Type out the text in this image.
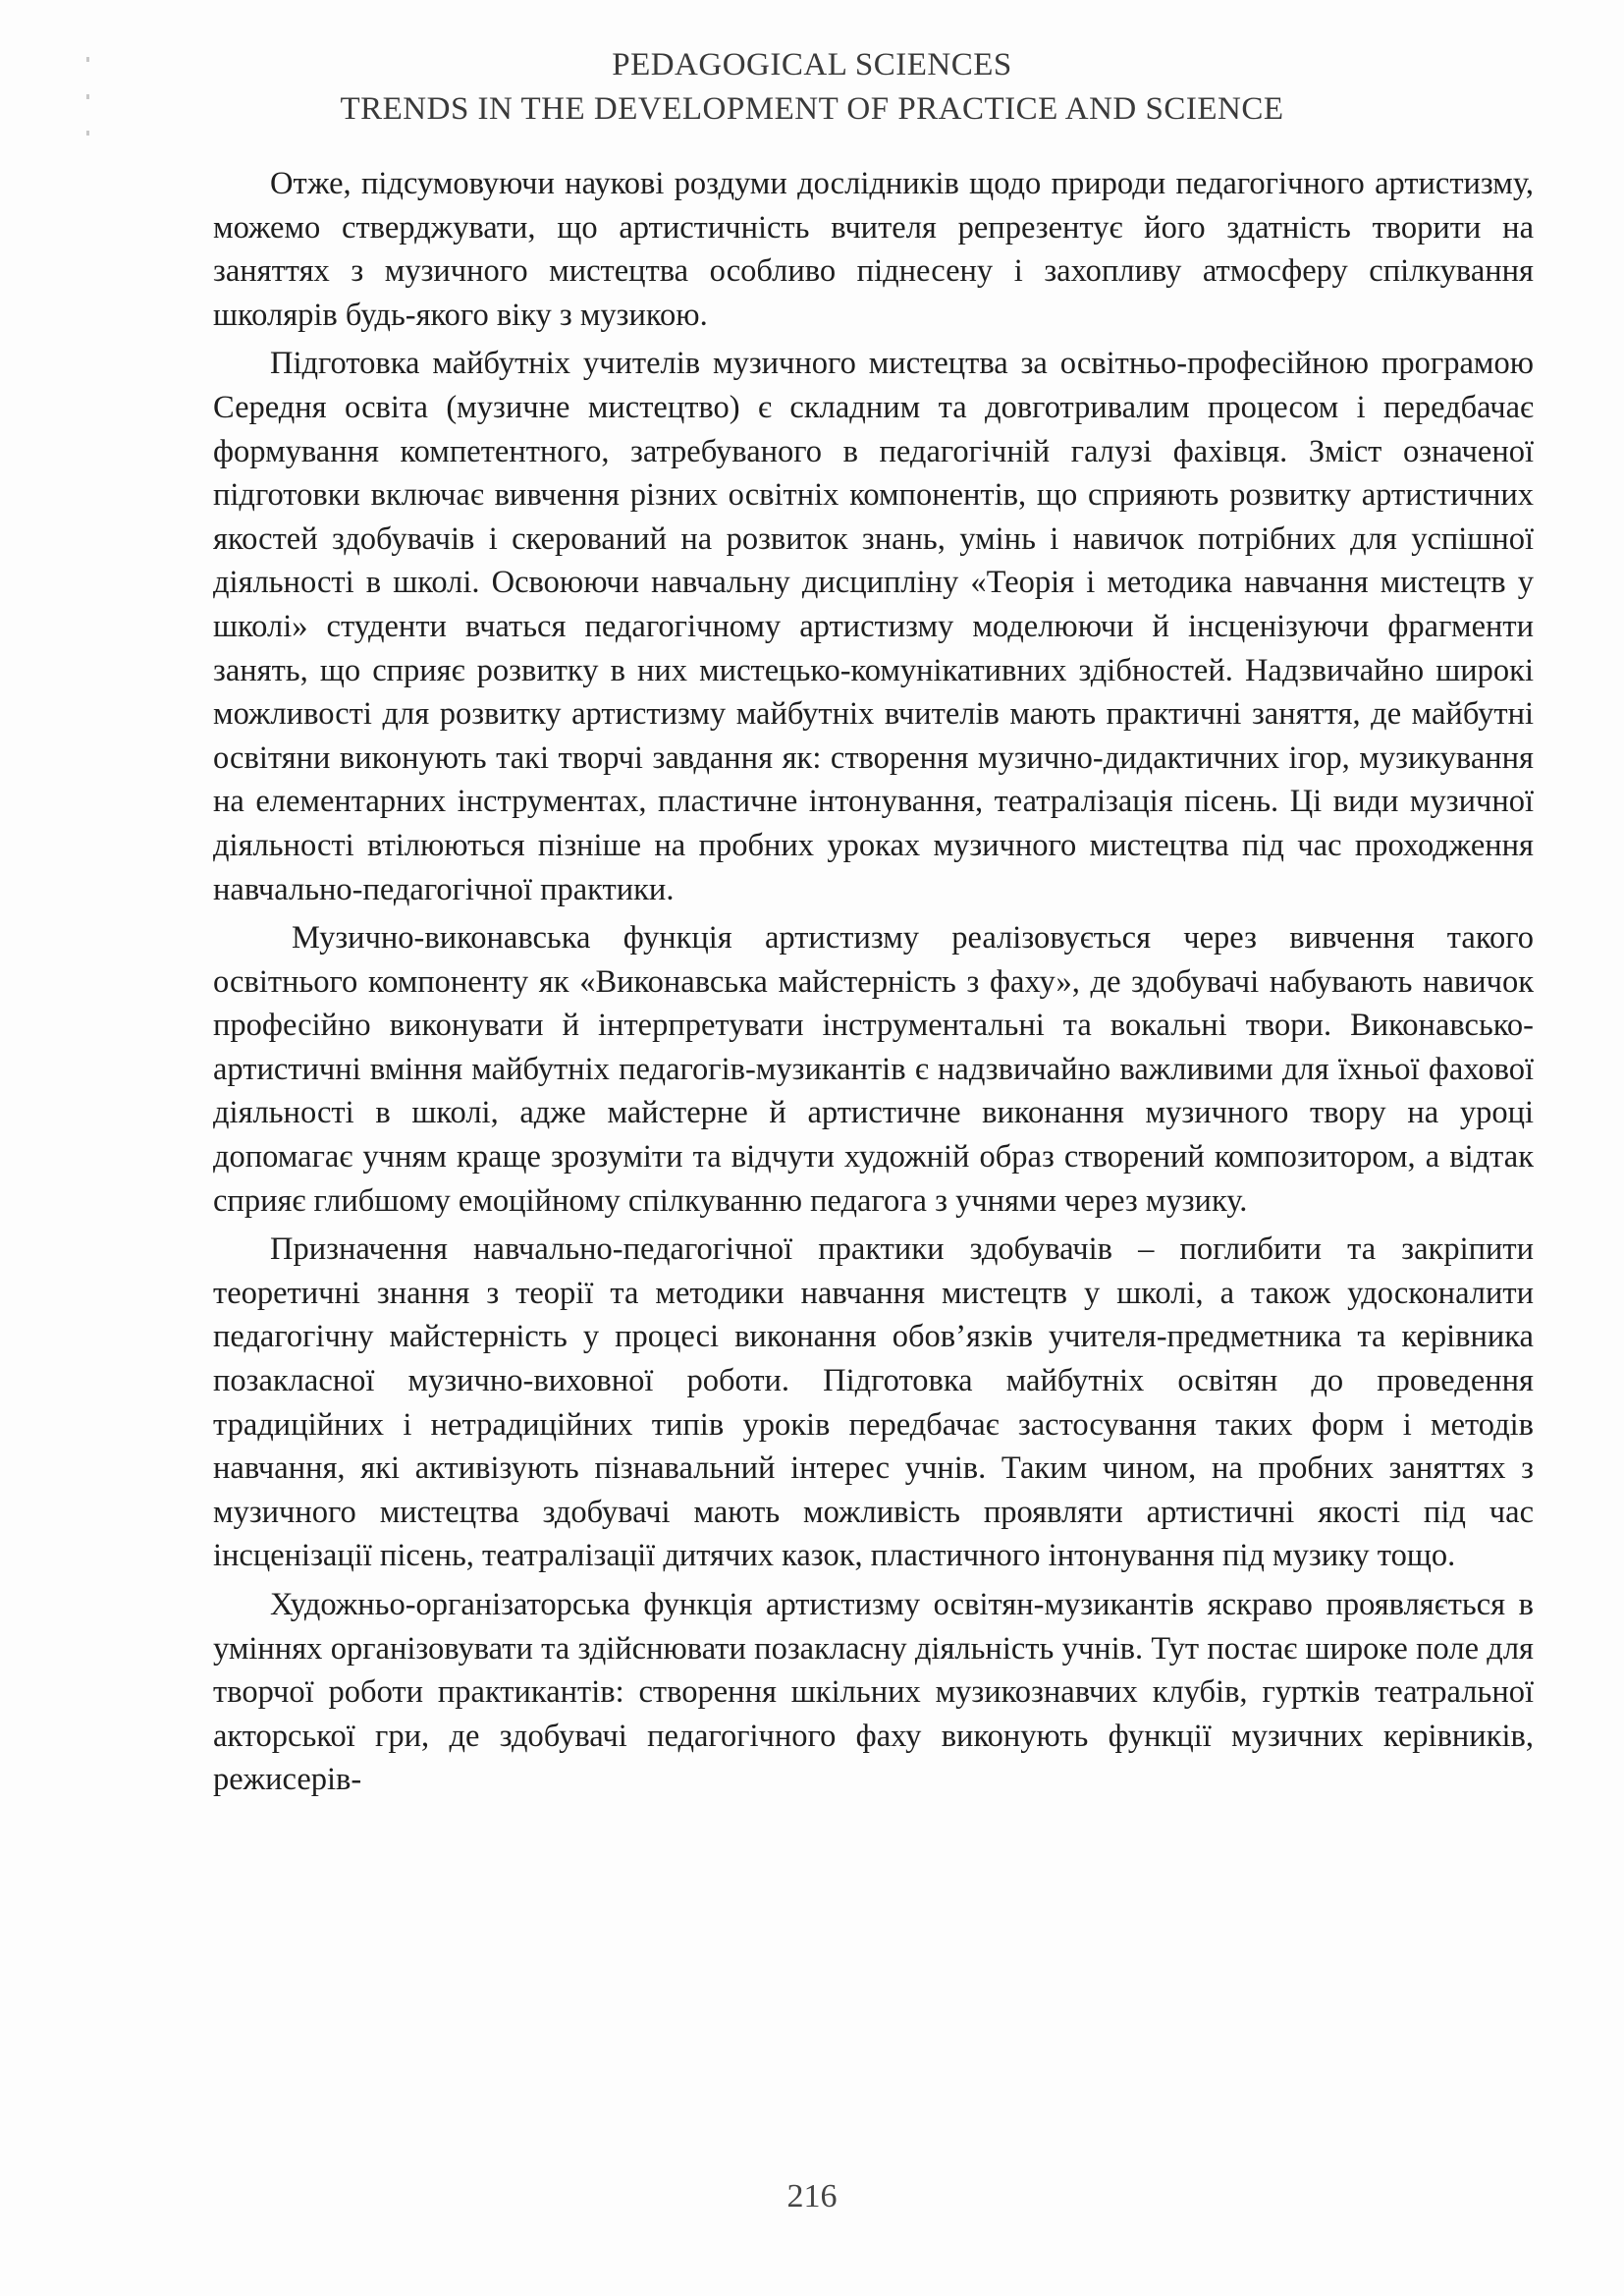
PEDAGOGICAL SCIENCES
TRENDS IN THE DEVELOPMENT OF PRACTICE AND SCIENCE

Отже, підсумовуючи наукові роздуми дослідників щодо природи педагогічного артистизму, можемо стверджувати, що артистичність вчителя репрезентує його здатність творити на заняттях з музичного мистецтва особливо піднесену і захопливу атмосферу спілкування школярів будь-якого віку з музикою.

Підготовка майбутніх учителів музичного мистецтва за освітньо-професійною програмою Середня освіта (музичне мистецтво) є складним та довготривалим процесом і передбачає формування компетентного, затребуваного в педагогічній галузі фахівця. Зміст означеної підготовки включає вивчення різних освітніх компонентів, що сприяють розвитку артистичних якостей здобувачів і скерований на розвиток знань, умінь і навичок потрібних для успішної діяльності в школі. Освоюючи навчальну дисципліну «Теорія і методика навчання мистецтв у школі» студенти вчаться педагогічному артистизму моделюючи й інсценізуючи фрагменти занять, що сприяє розвитку в них мистецько-комунікативних здібностей. Надзвичайно широкі можливості для розвитку артистизму майбутніх вчителів мають практичні заняття, де майбутні освітяни виконують такі творчі завдання як: створення музично-дидактичних ігор, музикування на елементарних інструментах, пластичне інтонування, театралізація пісень. Ці види музичної діяльності втілюються пізніше на пробних уроках музичного мистецтва під час проходження навчально-педагогічної практики.

Музично-виконавська функція артистизму реалізовується через вивчення такого освітнього компоненту як «Виконавська майстерність з фаху», де здобувачі набувають навичок професійно виконувати й інтерпретувати інструментальні та вокальні твори. Виконавсько-артистичні вміння майбутніх педагогів-музикантів є надзвичайно важливими для їхньої фахової діяльності в школі, адже майстерне й артистичне виконання музичного твору на уроці допомагає учням краще зрозуміти та відчути художній образ створений композитором, а відтак сприяє глибшому емоційному спілкуванню педагога з учнями через музику.

Призначення навчально-педагогічної практики здобувачів – поглибити та закріпити теоретичні знання з теорії та методики навчання мистецтв у школі, а також удосконалити педагогічну майстерність у процесі виконання обов’язків учителя-предметника та керівника позакласної музично-виховної роботи. Підготовка майбутніх освітян до проведення традиційних і нетрадиційних типів уроків передбачає застосування таких форм і методів навчання, які активізують пізнавальний інтерес учнів. Таким чином, на пробних заняттях з музичного мистецтва здобувачі мають можливість проявляти артистичні якості під час інсценізації пісень, театралізації дитячих казок, пластичного інтонування під музику тощо.

Художньо-організаторська функція артистизму освітян-музикантів яскраво проявляється в уміннях організовувати та здійснювати позакласну діяльність учнів. Тут постає широке поле для творчої роботи практикантів: створення шкільних музикознавчих клубів, гуртків театральної акторської гри, де здобувачі педагогічного фаху виконують функції музичних керівників, режисерів-

216
